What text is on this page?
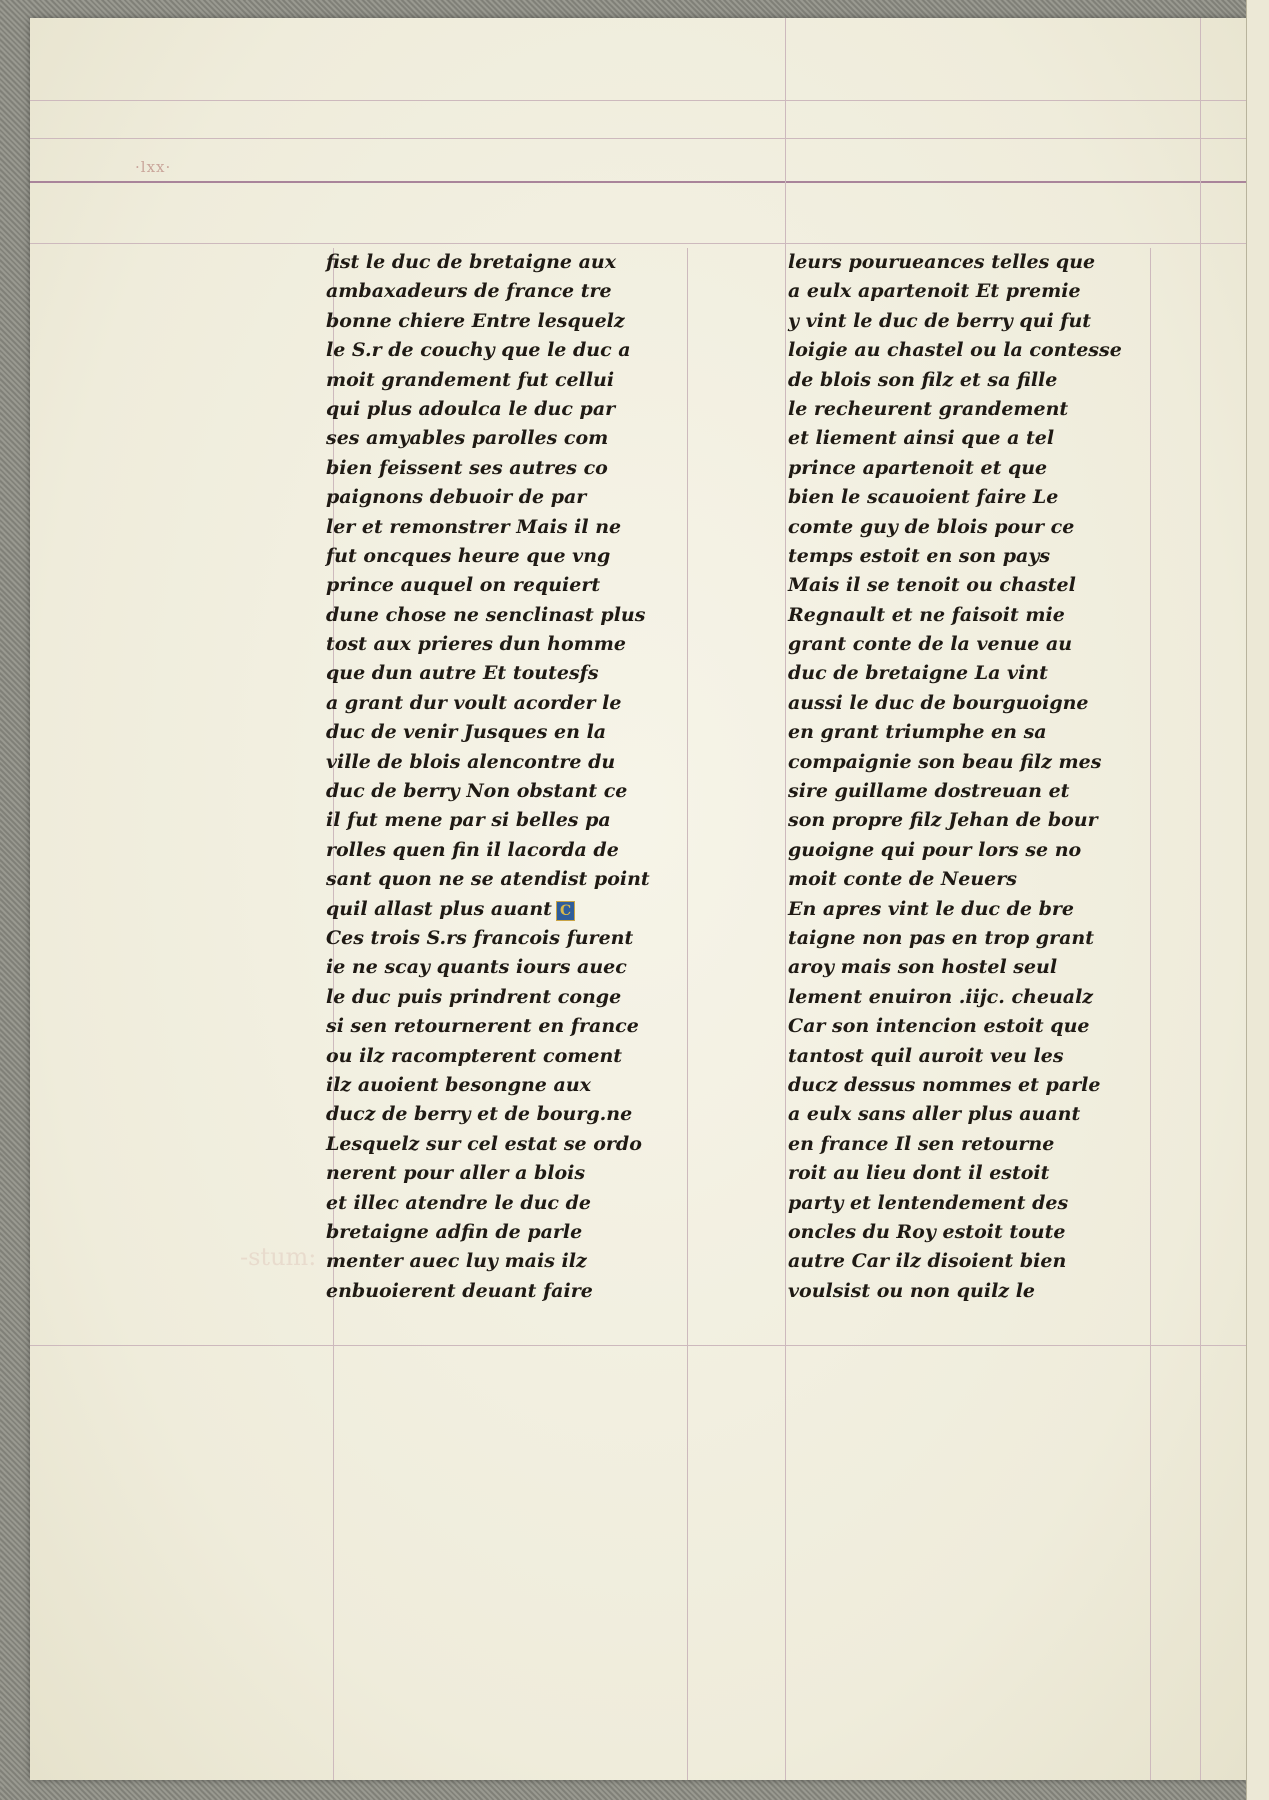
·lxx·
-stum:
fist le duc de bretaigne aux
ambaxadeurs de france tre
bonne chiere Entre lesquelz
le S.r de couchy que le duc a
moit grandement fut cellui
qui plus adoulca le duc par
ses amyables parolles com
bien feissent ses autres co
paignons debuoir de par
ler et remonstrer Mais il ne
fut oncques heure que vng
prince auquel on requiert
dune chose ne senclinast plus
tost aux prieres dun homme
que dun autre Et toutesfs
a grant dur voult acorder le
duc de venir Jusques en la
ville de blois alencontre du
duc de berry Non obstant ce
il fut mene par si belles pa
rolles quen fin il lacorda de
sant quon ne se atendist point
quil allast plus auant C
Ces trois S.rs francois furent
ie ne scay quants iours auec
le duc puis prindrent conge
si sen retournerent en france
ou ilz racompterent coment
ilz auoient besongne aux
ducz de berry et de bourg.ne
Lesquelz sur cel estat se ordo
nerent pour aller a blois
et illec atendre le duc de
bretaigne adfin de parle
menter auec luy mais ilz
enbuoierent deuant faire
leurs pourueances telles que
a eulx apartenoit Et premie
y vint le duc de berry qui fut
loigie au chastel ou la contesse
de blois son filz et sa fille
le recheurent grandement
et liement ainsi que a tel
prince apartenoit et que
bien le scauoient faire Le
comte guy de blois pour ce
temps estoit en son pays
Mais il se tenoit ou chastel
Regnault et ne faisoit mie
grant conte de la venue au
duc de bretaigne La vint
aussi le duc de bourguoigne
en grant triumphe en sa
compaignie son beau filz mes
sire guillame dostreuan et
son propre filz Jehan de bour
guoigne qui pour lors se no
moit conte de Neuers
En apres vint le duc de bre
taigne non pas en trop grant
aroy mais son hostel seul
lement enuiron .iijc. cheualz
Car son intencion estoit que
tantost quil auroit veu les
ducz dessus nommes et parle
a eulx sans aller plus auant
en france Il sen retourne
roit au lieu dont il estoit
party et lentendement des
oncles du Roy estoit toute
autre Car ilz disoient bien
voulsist ou non quilz le
